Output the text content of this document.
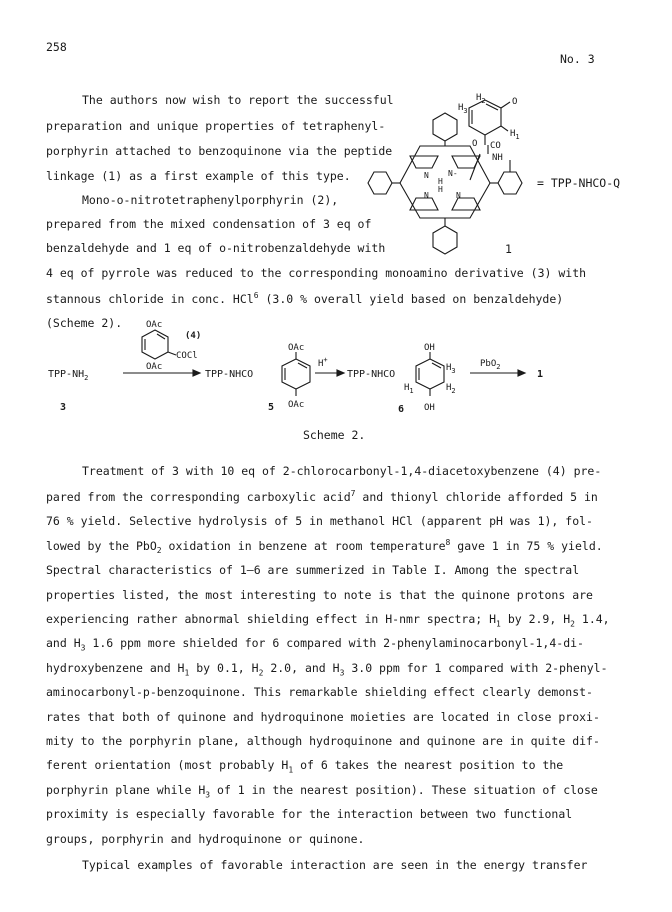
258
No. 3
The authors now wish to report the successful
preparation and unique properties of tetraphenyl-
porphyrin attached to benzoquinone via the peptide
linkage (1) as a first example of this type.
Mono-o-nitrotetraphenylporphyrin (2),
prepared from the mixed condensation of 3 eq of
benzaldehyde and 1 eq of o-nitrobenzaldehyde with
4 eq of pyrrole was reduced to the corresponding monoamino derivative (3) with
stannous chloride in conc. HCl$^6$ (3.0 % overall yield based on benzaldehyde)
(Scheme 2).
$H_2$	O
$H_3$
$H_1$
O CO
NH
N
H
N-
N
H
N
= TPP-NHCO-Q
1
TPP-$NH_2$
3
OAc
(4)
COCl
OAc
TPP-NHCO
OAc
OAc
5
H+
TPP-NHCO
OH
OH
$H_1$	$H_2$
$H_3$
6
PbO$_2$
1
Scheme 2.
Treatment of 3 with 10 eq of 2-chlorocarbonyl-1,4-diacetoxybenzene (4) pre-
pared from the corresponding carboxylic acid$^7$ and thionyl chloride afforded 5 in
76 % yield. Selective hydrolysis of 5 in methanol HCl (apparent pH was 1), fol-
lowed by the PbO$_2$ oxidation in benzene at room temperature$^8$ gave 1 in 75 % yield.
Spectral characteristics of 1—6 are summerized in Table I. Among the spectral
properties listed, the most interesting to note is that the quinone protons are
experiencing rather abnormal shielding effect in H-nmr spectra; $H_1$ by 2.9, $H_2$ 1.4,
and $H_3$ 1.6 ppm more shielded for 6 compared with 2-phenylaminocarbonyl-1,4-di-
hydroxybenzene and $H_1$ by 0.1, $H_2$ 2.0, and $H_3$ 3.0 ppm for 1 compared with 2-phenyl-
aminocarbonyl-p-benzoquinone. This remarkable shielding effect clearly demonst-
rates that both of quinone and hydroquinone moieties are located in close proxi-
mity to the porphyrin plane, although hydroquinone and quinone are in quite dif-
ferent orientation (most probably $H_1$ of 6 takes the nearest position to the
porphyrin plane while $H_3$ of 1 in the nearest position). These situation of close
proximity is especially favorable for the interaction between two functional
groups, porphyrin and hydroquinone or quinone.
Typical examples of favorable interaction are seen in the energy transfer
